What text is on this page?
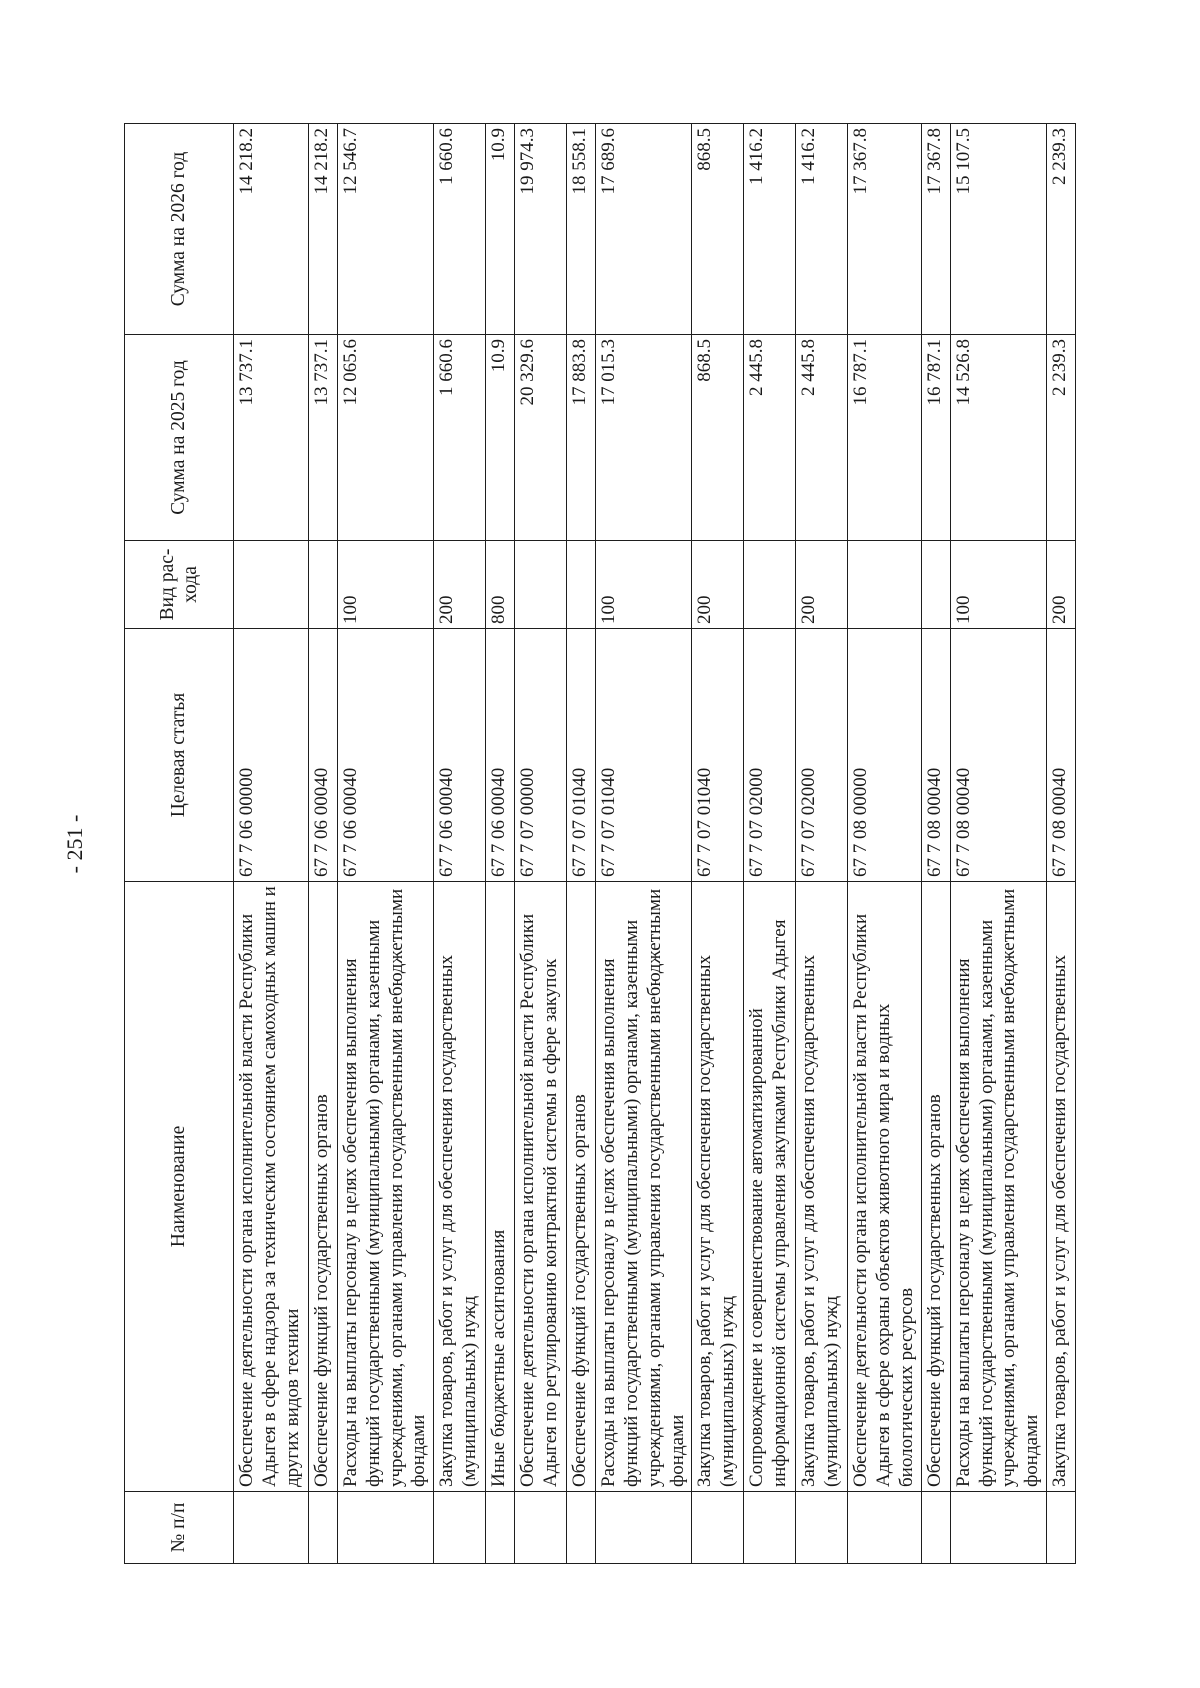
- 251 -
№ п/п	Наименование	Целевая статья	Вид рас-хода	Сумма на 2025 год	Сумма на 2026 год
	Обеспечение деятельности органа исполнительной власти Республики Адыгея в сфере надзора за техническим состоянием самоходных машин и других видов техники	67 7 06 00000		13 737.1	14 218.2
	Обеспечение функций государственных органов	67 7 06 00040		13 737.1	14 218.2
	Расходы на выплаты персоналу в целях обеспечения выполнения функций государственными (муниципальными) органами, казенными учреждениями, органами управления государственными внебюджетными фондами	67 7 06 00040	100	12 065.6	12 546.7
	Закупка товаров, работ и услуг для обеспечения государственных (муниципальных) нужд	67 7 06 00040	200	1 660.6	1 660.6
	Иные бюджетные ассигнования	67 7 06 00040	800	10.9	10.9
	Обеспечение деятельности органа исполнительной власти Республики Адыгея по регулированию контрактной системы в сфере закупок	67 7 07 00000		20 329.6	19 974.3
	Обеспечение функций государственных органов	67 7 07 01040		17 883.8	18 558.1
	Расходы на выплаты персоналу в целях обеспечения выполнения функций государственными (муниципальными) органами, казенными учреждениями, органами управления государственными внебюджетными фондами	67 7 07 01040	100	17 015.3	17 689.6
	Закупка товаров, работ и услуг для обеспечения государственных (муниципальных) нужд	67 7 07 01040	200	868.5	868.5
	Сопровождение и совершенствование автоматизированной информационной системы управления закупками Республики Адыгея	67 7 07 02000		2 445.8	1 416.2
	Закупка товаров, работ и услуг для обеспечения государственных (муниципальных) нужд	67 7 07 02000	200	2 445.8	1 416.2
	Обеспечение деятельности органа исполнительной власти Республики Адыгея в сфере охраны объектов животного мира и водных биологических ресурсов	67 7 08 00000		16 787.1	17 367.8
	Обеспечение функций государственных органов	67 7 08 00040		16 787.1	17 367.8
	Расходы на выплаты персоналу в целях обеспечения выполнения функций государственными (муниципальными) органами, казенными учреждениями, органами управления государственными внебюджетными фондами	67 7 08 00040	100	14 526.8	15 107.5
	Закупка товаров, работ и услуг для обеспечения государственных	67 7 08 00040	200	2 239.3	2 239.3
